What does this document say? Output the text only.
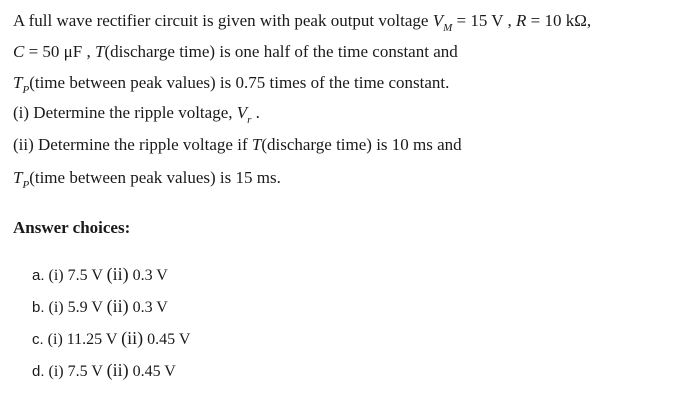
A full wave rectifier circuit is given with peak output voltage $V_M = 15$ V , R = 10 kΩ,
C = 50 μF , T(discharge time) is one half of the time constant and
$T_P(time$ between peak values) is 0.75 times of the time constant.
(i) Determine the ripple voltage, $V_r$ .
(ii) Determine the ripple voltage if T(discharge time) is 10 ms and
$T_P(time$ between peak values) is 15 ms.
Answer choices:
a. (i) 7.5 V (ii) 0.3 V
b. (i) 5.9 V (ii) 0.3 V
c. (i) 11.25 V (ii) 0.45 V
d. (i) 7.5 V (ii) 0.45 V
